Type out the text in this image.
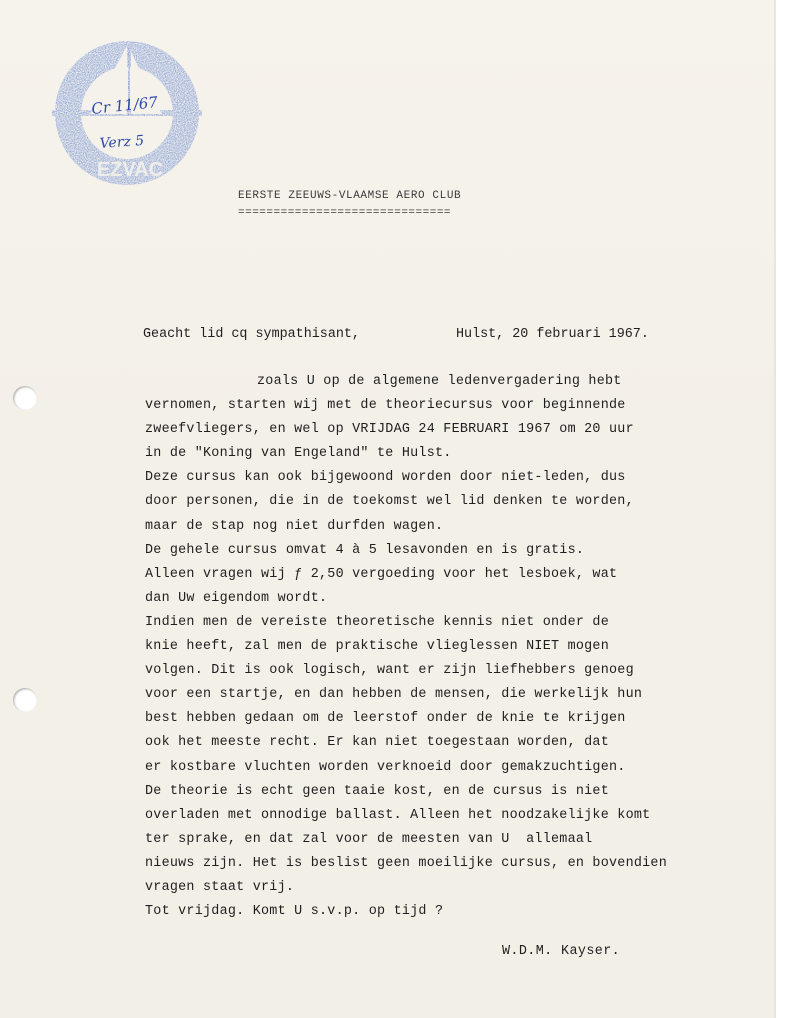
EZVAC
Cr 11/67
Verz 5
EERSTE ZEEUWS-VLAAMSE AERO CLUB
==============================
Geacht lid cq sympathisant,	Hulst, 20 februari 1967.
zoals U op de algemene ledenvergadering hebt
vernomen, starten wij met de theoriecursus voor beginnende
zweefvliegers, en wel op VRIJDAG 24 FEBRUARI 1967 om 20 uur
in de "Koning van Engeland" te Hulst.
Deze cursus kan ook bijgewoond worden door niet-leden, dus
door personen, die in de toekomst wel lid denken te worden,
maar de stap nog niet durfden wagen.
De gehele cursus omvat 4 à 5 lesavonden en is gratis.
Alleen vragen wij ƒ 2,50 vergoeding voor het lesboek, wat
dan Uw eigendom wordt.
Indien men de vereiste theoretische kennis niet onder de
knie heeft, zal men de praktische vlieglessen NIET mogen
volgen. Dit is ook logisch, want er zijn liefhebbers genoeg
voor een startje, en dan hebben de mensen, die werkelijk hun
best hebben gedaan om de leerstof onder de knie te krijgen
ook het meeste recht. Er kan niet toegestaan worden, dat
er kostbare vluchten worden verknoeid door gemakzuchtigen.
De theorie is echt geen taaie kost, en de cursus is niet
overladen met onnodige ballast. Alleen het noodzakelijke komt
ter sprake, en dat zal voor de meesten van U  allemaal
nieuws zijn. Het is beslist geen moeilijke cursus, en bovendien
vragen staat vrij.
Tot vrijdag. Komt U s.v.p. op tijd ?
W.D.M. Kayser.
